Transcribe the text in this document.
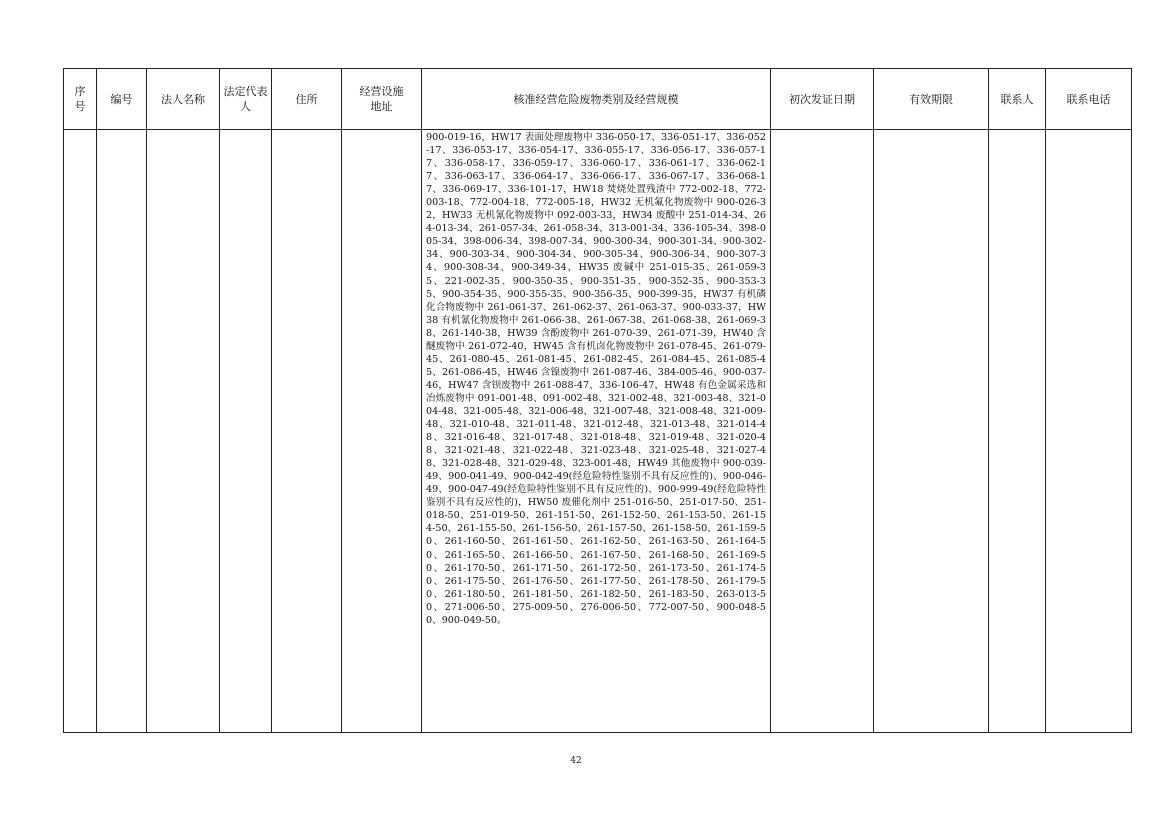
序号	编号	法人名称	法定代表人	住所	经营设施地址	核准经营危险废物类别及经营规模	初次发证日期	有效期限	联系人	联系电话

						900-019-16，HW17 表面处理废物中 336-050-17、336-051-17、336-052-17、336-053-17、336-054-17、336-055-17、336-056-17、336-057-17、336-058-17、336-059-17、336-060-17、336-061-17、336-062-17、336-063-17、336-064-17、336-066-17、336-067-17、336-068-17、336-069-17、336-101-17，HW18 焚烧处置残渣中 772-002-18、772-003-18、772-004-18、772-005-18，HW32 无机氟化物废物中 900-026-32，HW33 无机氰化物废物中 092-003-33，HW34 废酸中 251-014-34、264-013-34、261-057-34、261-058-34、313-001-34、336-105-34、398-005-34、398-006-34、398-007-34、900-300-34、900-301-34、900-302-34、900-303-34、900-304-34、900-305-34、900-306-34、900-307-34、900-308-34、900-349-34，HW35 废碱中 251-015-35、261-059-35、221-002-35、900-350-35、900-351-35、900-352-35、900-353-35、900-354-35、900-355-35、900-356-35、900-399-35，HW37 有机磷化合物废物中 261-061-37、261-062-37、261-063-37、900-033-37，HW38 有机氰化物废物中 261-066-38、261-067-38、261-068-38、261-069-38、261-140-38，HW39 含酚废物中 261-070-39、261-071-39，HW40 含醚废物中 261-072-40，HW45 含有机卤化物废物中 261-078-45、261-079-45、261-080-45、261-081-45、261-082-45、261-084-45、261-085-45、261-086-45，HW46 含镍废物中 261-087-46、384-005-46、900-037-46，HW47 含钡废物中 261-088-47、336-106-47，HW48 有色金属采选和冶炼废物中 091-001-48、091-002-48、321-002-48、321-003-48、321-004-48、321-005-48、321-006-48、321-007-48、321-008-48、321-009-48、321-010-48、321-011-48、321-012-48、321-013-48、321-014-48、321-016-48、321-017-48、321-018-48、321-019-48、321-020-48、321-021-48、321-022-48、321-023-48、321-025-48、321-027-48、321-028-48、321-029-48、323-001-48，HW49 其他废物中 900-039-49、900-041-49、900-042-49(经危险特性鉴别不具有反应性的)、900-046-49、900-047-49(经危险特性鉴别不具有反应性的)、900-999-49(经危险特性鉴别不具有反应性的)，HW50 废催化剂中 251-016-50、251-017-50、251-018-50、251-019-50、261-151-50、261-152-50、261-153-50、261-154-50、261-155-50、261-156-50、261-157-50、261-158-50、261-159-50、261-160-50、261-161-50、261-162-50、261-163-50、261-164-50、261-165-50、261-166-50、261-167-50、261-168-50、261-169-50、261-170-50、261-171-50、261-172-50、261-173-50、261-174-50、261-175-50、261-176-50、261-177-50、261-178-50、261-179-50、261-180-50、261-181-50、261-182-50、261-183-50、263-013-50、271-006-50、275-009-50、276-006-50、772-007-50、900-048-50、900-049-50。				

42
